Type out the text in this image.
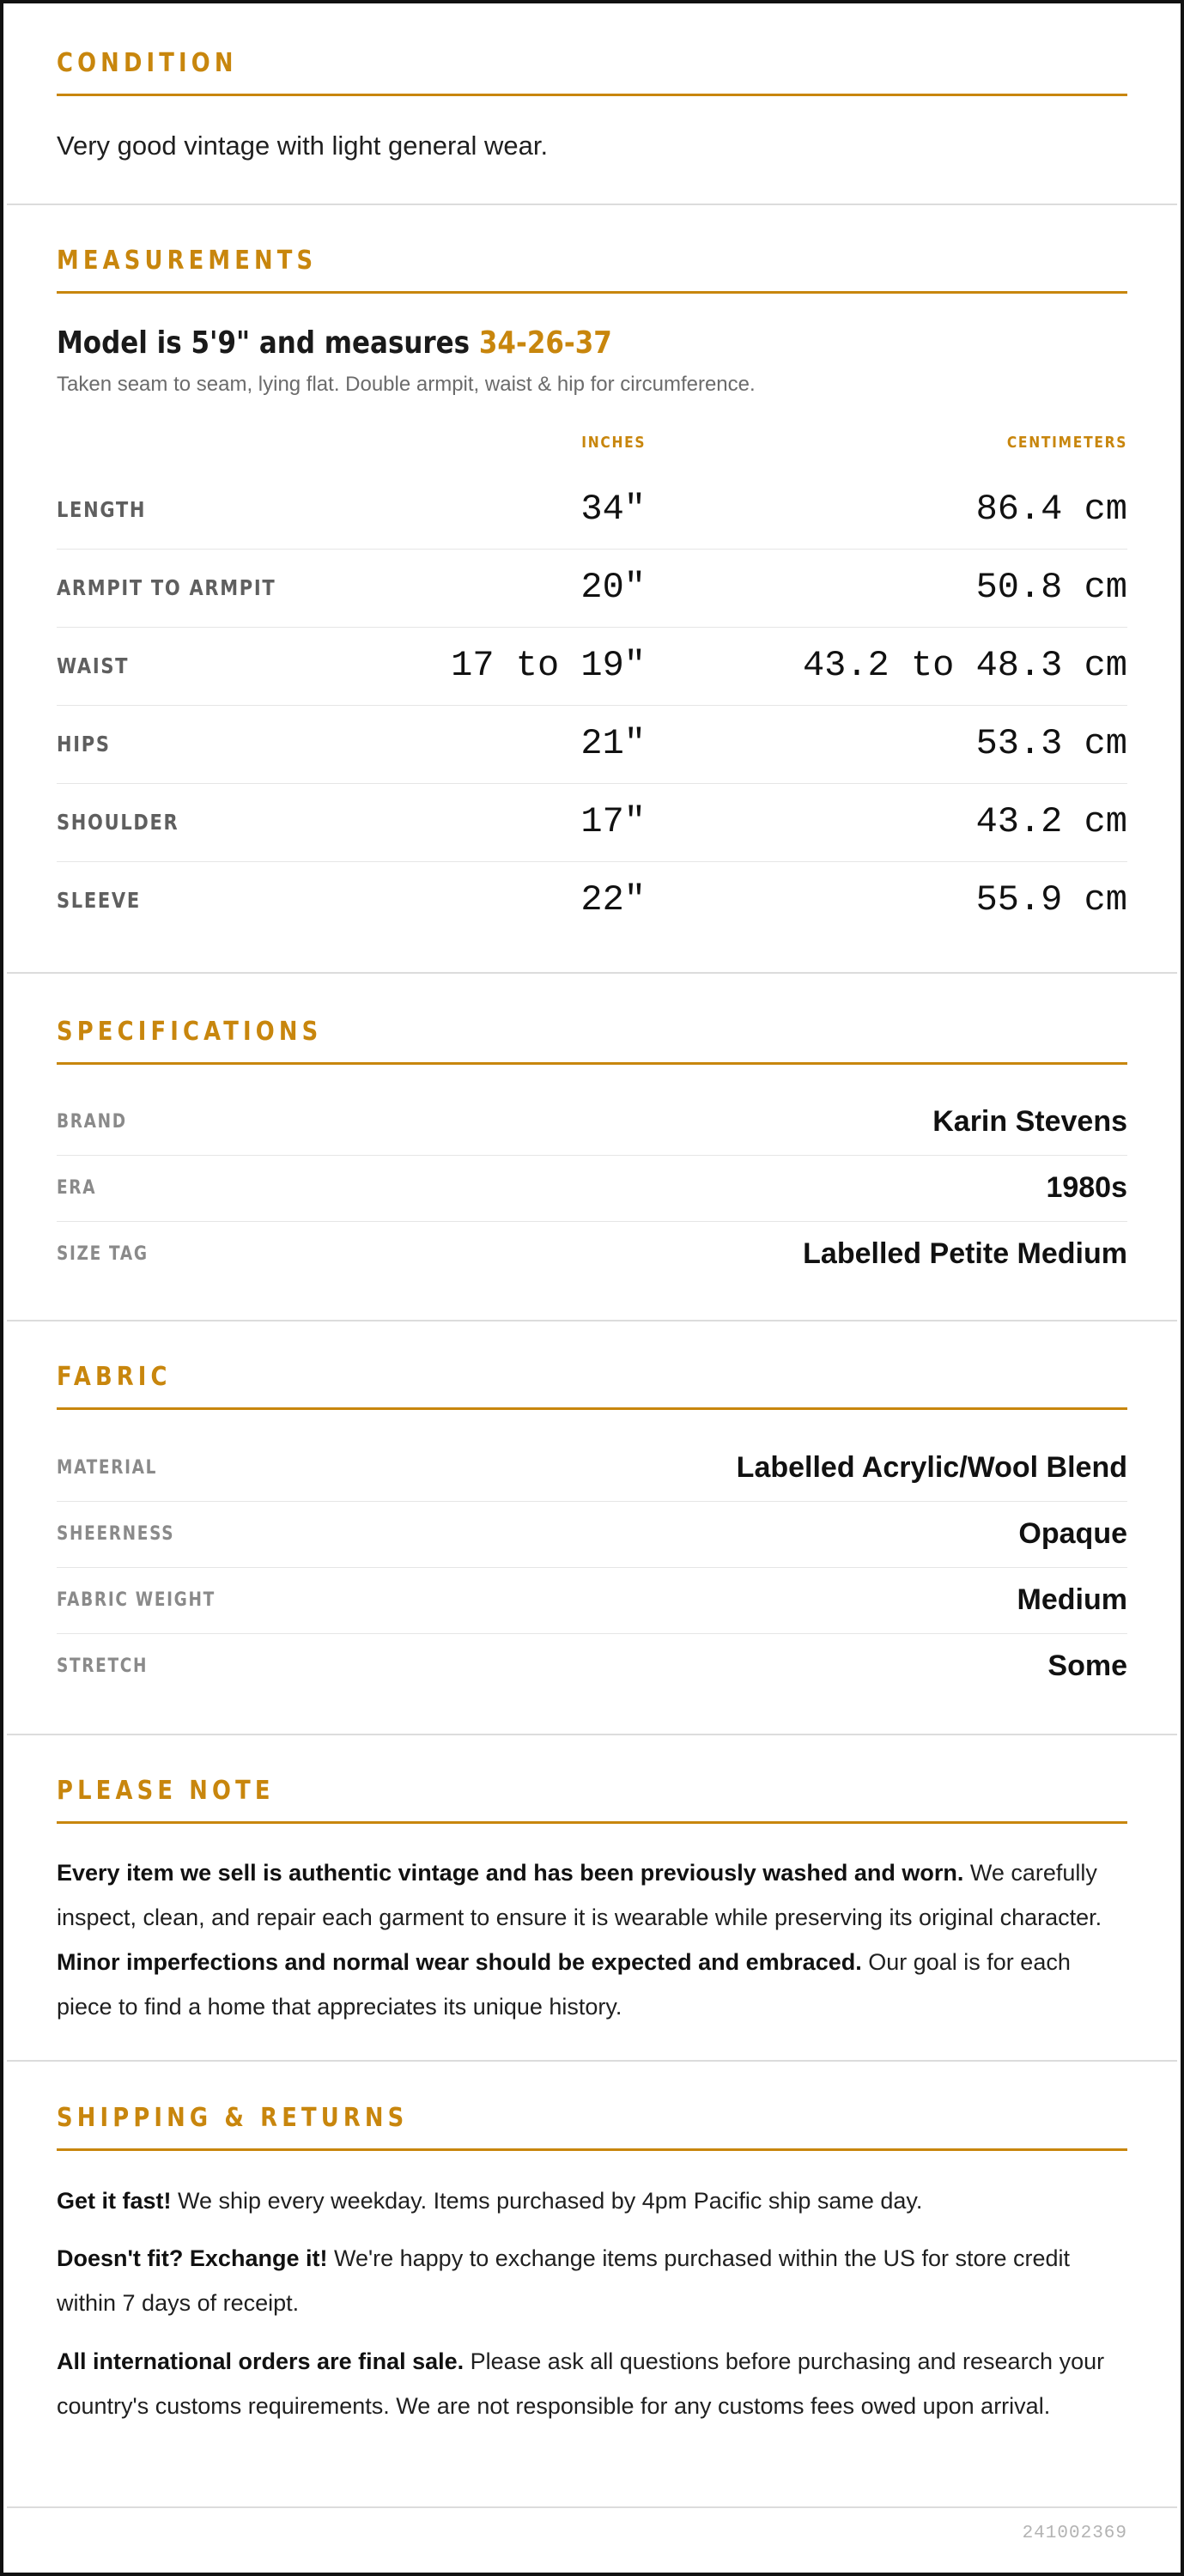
CONDITION
Very good vintage with light general wear.
MEASUREMENTS
Model is 5'9" and measures 34-26-37
Taken seam to seam, lying flat. Double armpit, waist & hip for circumference.
INCHES	CENTIMETERS
LENGTH	34"	86.4 cm
ARMPIT TO ARMPIT	20"	50.8 cm
WAIST	17 to 19"	43.2 to 48.3 cm
HIPS	21"	53.3 cm
SHOULDER	17"	43.2 cm
SLEEVE	22"	55.9 cm
SPECIFICATIONS
BRAND	Karin Stevens
ERA	1980s
SIZE TAG	Labelled Petite Medium
FABRIC
MATERIAL	Labelled Acrylic/Wool Blend
SHEERNESS	Opaque
FABRIC WEIGHT	Medium
STRETCH	Some
PLEASE NOTE
Every item we sell is authentic vintage and has been previously washed and worn. We carefully inspect, clean, and repair each garment to ensure it is wearable while preserving its original character. Minor imperfections and normal wear should be expected and embraced. Our goal is for each piece to find a home that appreciates its unique history.
SHIPPING & RETURNS
Get it fast! We ship every weekday. Items purchased by 4pm Pacific ship same day.
Doesn't fit? Exchange it! We're happy to exchange items purchased within the US for store credit within 7 days of receipt.
All international orders are final sale. Please ask all questions before purchasing and research your country's customs requirements. We are not responsible for any customs fees owed upon arrival.
241002369
